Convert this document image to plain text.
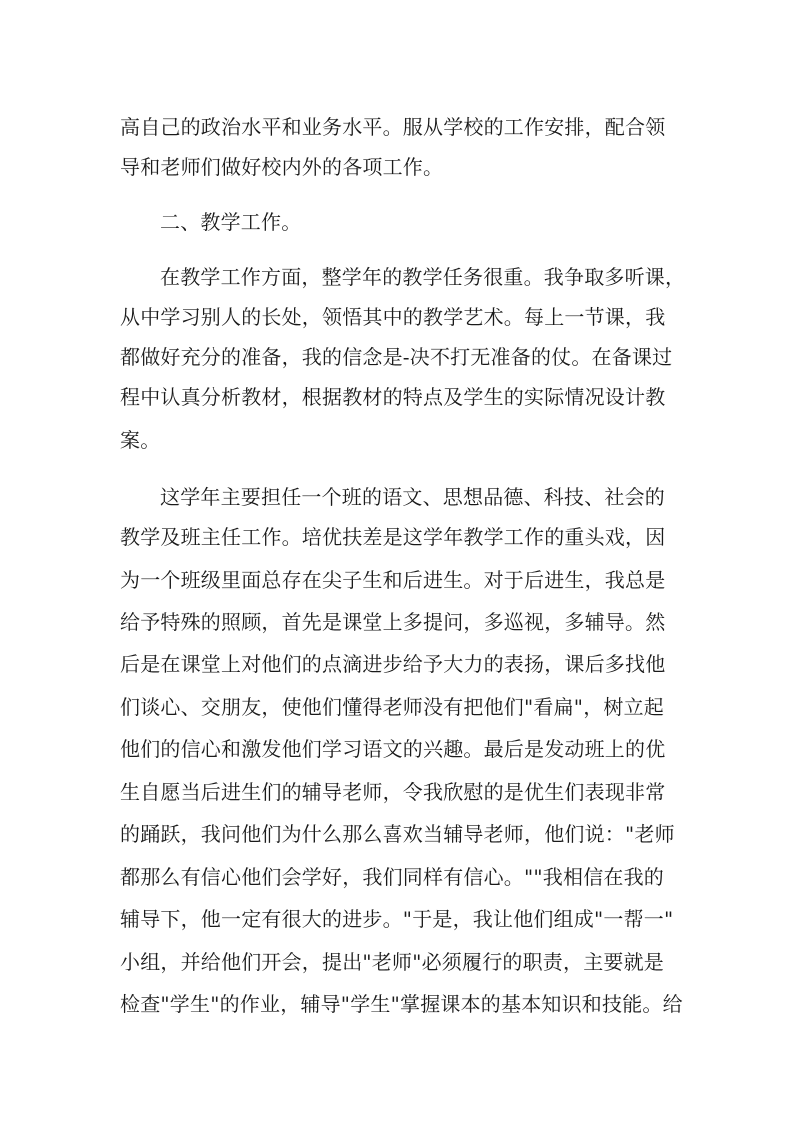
高自己的政治水平和业务水平。服从学校的工作安排，配合领
导和老师们做好校内外的各项工作。
二、教学工作。
在教学工作方面，整学年的教学任务很重。我争取多听课，
从中学习别人的长处，领悟其中的教学艺术。每上一节课，我
都做好充分的准备，我的信念是-决不打无准备的仗。在备课过
程中认真分析教材，根据教材的特点及学生的实际情况设计教
案。
这学年主要担任一个班的语文、思想品德、科技、社会的
教学及班主任工作。培优扶差是这学年教学工作的重头戏，因
为一个班级里面总存在尖子生和后进生。对于后进生，我总是
给予特殊的照顾，首先是课堂上多提问，多巡视，多辅导。然
后是在课堂上对他们的点滴进步给予大力的表扬，课后多找他
们谈心、交朋友，使他们懂得老师没有把他们"看扁"，树立起
他们的信心和激发他们学习语文的兴趣。最后是发动班上的优
生自愿当后进生们的辅导老师，令我欣慰的是优生们表现非常
的踊跃，我问他们为什么那么喜欢当辅导老师，他们说："老师
都那么有信心他们会学好，我们同样有信心。""我相信在我的
辅导下，他一定有很大的进步。"于是，我让他们组成"一帮一"
小组，并给他们开会，提出"老师"必须履行的职责，主要就是
检查"学生"的作业，辅导"学生"掌握课本的基本知识和技能。给
